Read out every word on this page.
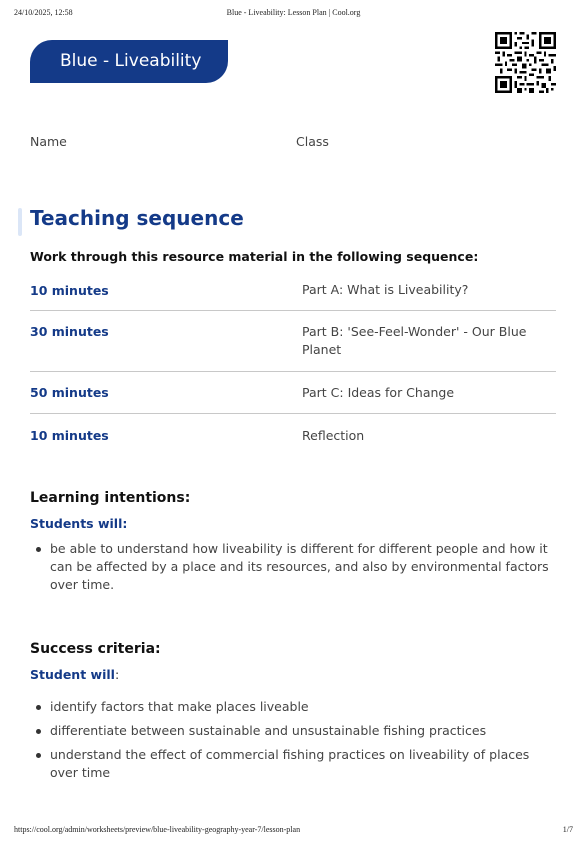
24/10/2025, 12:58	Blue - Liveability: Lesson Plan | Cool.org
Blue - Liveability
Name	Class
Teaching sequence
Work through this resource material in the following sequence:
10 minutes	Part A: What is Liveability?
30 minutes	Part B: 'See-Feel-Wonder' - Our Blue Planet
50 minutes	Part C: Ideas for Change
10 minutes	Reflection
Learning intentions:
Students will:
be able to understand how liveability is different for different people and how it can be affected by a place and its resources, and also by environmental factors over time.
Success criteria:
Student will:
identify factors that make places liveable
differentiate between sustainable and unsustainable fishing practices
understand the effect of commercial fishing practices on liveability of places over time
https://cool.org/admin/worksheets/preview/blue-liveability-geography-year-7/lesson-plan	1/7
